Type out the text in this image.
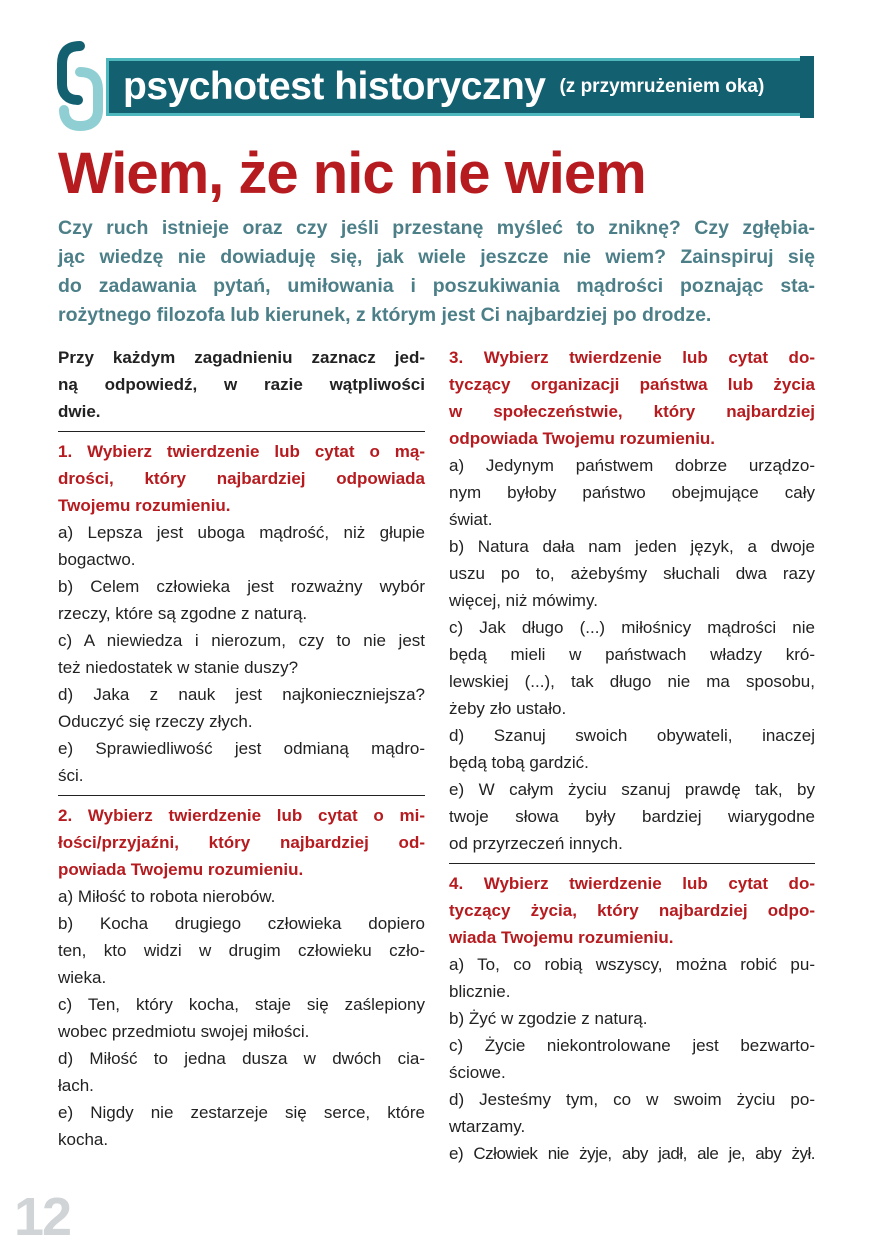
psychotest historyczny (z przymrużeniem oka)
Wiem, że nic nie wiem

Czy ruch istnieje oraz czy jeśli przestanę myśleć to zniknę? Czy zgłębia-
jąc wiedzę nie dowiaduję się, jak wiele jeszcze nie wiem? Zainspiruj się
do zadawania pytań, umiłowania i poszukiwania mądrości poznając sta-
rożytnego filozofa lub kierunek, z którym jest Ci najbardziej po drodze.

Przy każdym zagadnieniu zaznacz jed-
ną odpowiedź, w razie wątpliwości
dwie.

1. Wybierz twierdzenie lub cytat o mą-
drości, który najbardziej odpowiada
Twojemu rozumieniu.

a) Lepsza jest uboga mądrość, niż głupie
bogactwo.

b) Celem człowieka jest rozważny wybór
rzeczy, które są zgodne z naturą.

c) A niewiedza i nierozum, czy to nie jest
też niedostatek w stanie duszy?

d) Jaka z nauk jest najkonieczniejsza?
Oduczyć się rzeczy złych.

e) Sprawiedliwość jest odmianą mądro-
ści.

2. Wybierz twierdzenie lub cytat o mi-
łości/przyjaźni, który najbardziej od-
powiada Twojemu rozumieniu.

a) Miłość to robota nierobów.

b) Kocha drugiego człowieka dopiero
ten, kto widzi w drugim człowieku czło-
wieka.

c) Ten, który kocha, staje się zaślepiony
wobec przedmiotu swojej miłości.

d) Miłość to jedna dusza w dwóch cia-
łach.

e) Nigdy nie zestarzeje się serce, które
kocha.

3. Wybierz twierdzenie lub cytat do-
tyczący organizacji państwa lub życia
w społeczeństwie, który najbardziej
odpowiada Twojemu rozumieniu.

a) Jedynym państwem dobrze urządzo-
nym byłoby państwo obejmujące cały
świat.

b) Natura dała nam jeden język, a dwoje
uszu po to, ażebyśmy słuchali dwa razy
więcej, niż mówimy.

c) Jak długo (...) miłośnicy mądrości nie
będą mieli w państwach władzy kró-
lewskiej (...), tak długo nie ma sposobu,
żeby zło ustało.

d) Szanuj swoich obywateli, inaczej
będą tobą gardzić.

e) W całym życiu szanuj prawdę tak, by
twoje słowa były bardziej wiarygodne
od przyrzeczeń innych.

4. Wybierz twierdzenie lub cytat do-
tyczący życia, który najbardziej odpo-
wiada Twojemu rozumieniu.

a) To, co robią wszyscy, można robić pu-
blicznie.

b) Żyć w zgodzie z naturą.

c) Życie niekontrolowane jest bezwarto-
ściowe.

d) Jesteśmy tym, co w swoim życiu po-
wtarzamy.

e) Człowiek nie żyje, aby jadł, ale je, aby żył.

12
